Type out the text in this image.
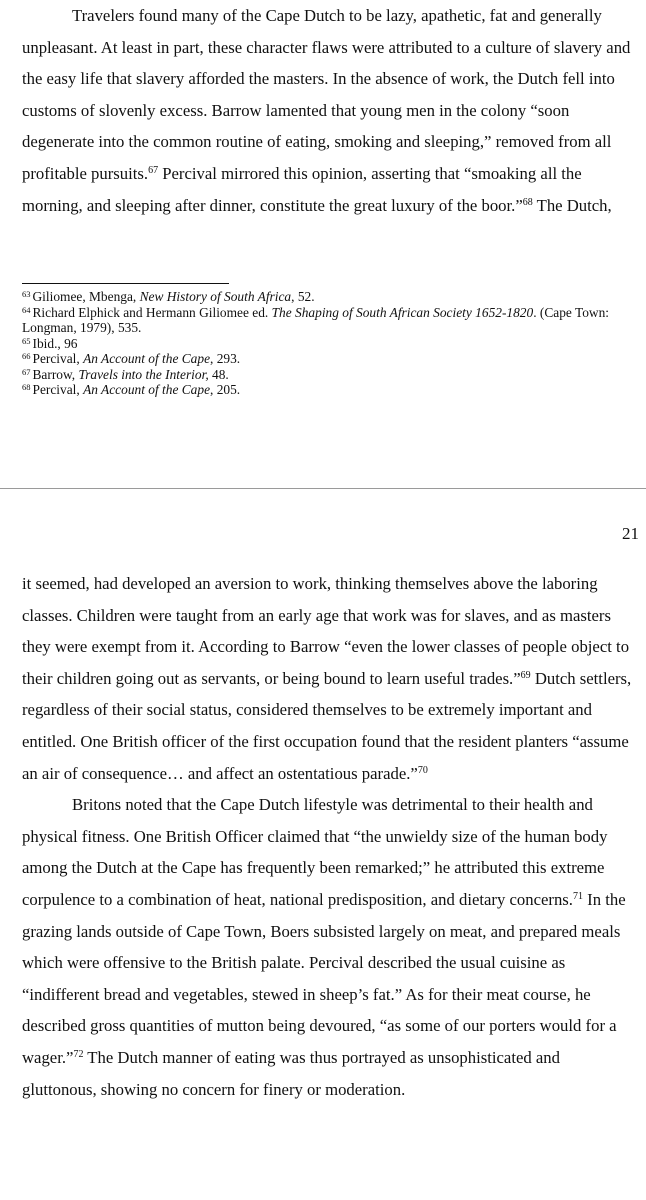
Travelers found many of the Cape Dutch to be lazy, apathetic, fat and generally unpleasant. At least in part, these character flaws were attributed to a culture of slavery and the easy life that slavery afforded the masters. In the absence of work, the Dutch fell into customs of slovenly excess. Barrow lamented that young men in the colony “soon degenerate into the common routine of eating, smoking and sleeping,” removed from all profitable pursuits.$^{67}$ Percival mirrored this opinion, asserting that “smoaking all the morning, and sleeping after dinner, constitute the great luxury of the boor.”$^{68}$ The Dutch,

$^{63}$ Giliomee, Mbenga, New History of South Africa, 52.

$^{64}$ Richard Elphick and Hermann Giliomee ed. The Shaping of South African Society 1652-1820. (Cape Town: Longman, 1979), 535.

$^{65}$ Ibid., 96

$^{66}$ Percival, An Account of the Cape, 293.

$^{67}$ Barrow, Travels into the Interior, 48.

$^{68}$ Percival, An Account of the Cape, 205.

21

it seemed, had developed an aversion to work, thinking themselves above the laboring classes. Children were taught from an early age that work was for slaves, and as masters they were exempt from it. According to Barrow “even the lower classes of people object to their children going out as servants, or being bound to learn useful trades.”$^{69}$ Dutch settlers, regardless of their social status, considered themselves to be extremely important and entitled. One British officer of the first occupation found that the resident planters “assume an air of consequence… and affect an ostentatious parade.”$^{70}$

Britons noted that the Cape Dutch lifestyle was detrimental to their health and physical fitness. One British Officer claimed that “the unwieldy size of the human body among the Dutch at the Cape has frequently been remarked;” he attributed this extreme corpulence to a combination of heat, national predisposition, and dietary concerns.$^{71}$ In the grazing lands outside of Cape Town, Boers subsisted largely on meat, and prepared meals which were offensive to the British palate. Percival described the usual cuisine as “indifferent bread and vegetables, stewed in sheep’s fat.” As for their meat course, he described gross quantities of mutton being devoured, “as some of our porters would for a wager.”$^{72}$ The Dutch manner of eating was thus portrayed as unsophisticated and gluttonous, showing no concern for finery or moderation.
